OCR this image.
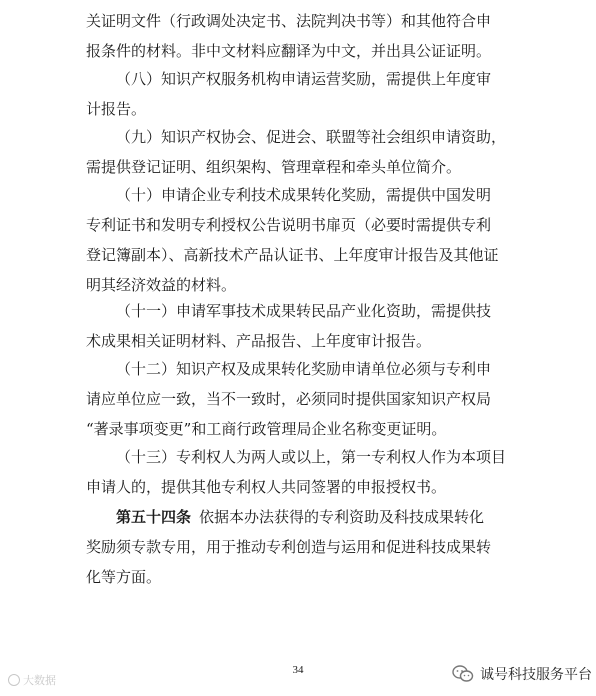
关证明文件（行政调处决定书、法院判决书等）和其他符合申
报条件的材料。非中文材料应翻译为中文，并出具公证证明。
（八）知识产权服务机构申请运营奖励，需提供上年度审
计报告。
（九）知识产权协会、促进会、联盟等社会组织申请资助，
需提供登记证明、组织架构、管理章程和牵头单位简介。
（十）申请企业专利技术成果转化奖励，需提供中国发明
专利证书和发明专利授权公告说明书扉页（必要时需提供专利
登记簿副本）、高新技术产品认证书、上年度审计报告及其他证
明其经济效益的材料。
（十一）申请军事技术成果转民品产业化资助，需提供技
术成果相关证明材料、产品报告、上年度审计报告。
（十二）知识产权及成果转化奖励申请单位必须与专利申
请应单位应一致，当不一致时，必须同时提供国家知识产权局
“著录事项变更”和工商行政管理局企业名称变更证明。
（十三）专利权人为两人或以上，第一专利权人作为本项目
申请人的，提供其他专利权人共同签署的申报授权书。
第五十四条 依据本办法获得的专利资助及科技成果转化
奖励须专款专用，用于推动专利创造与运用和促进科技成果转
化等方面。
34
大数据	诚号科技服务平台
